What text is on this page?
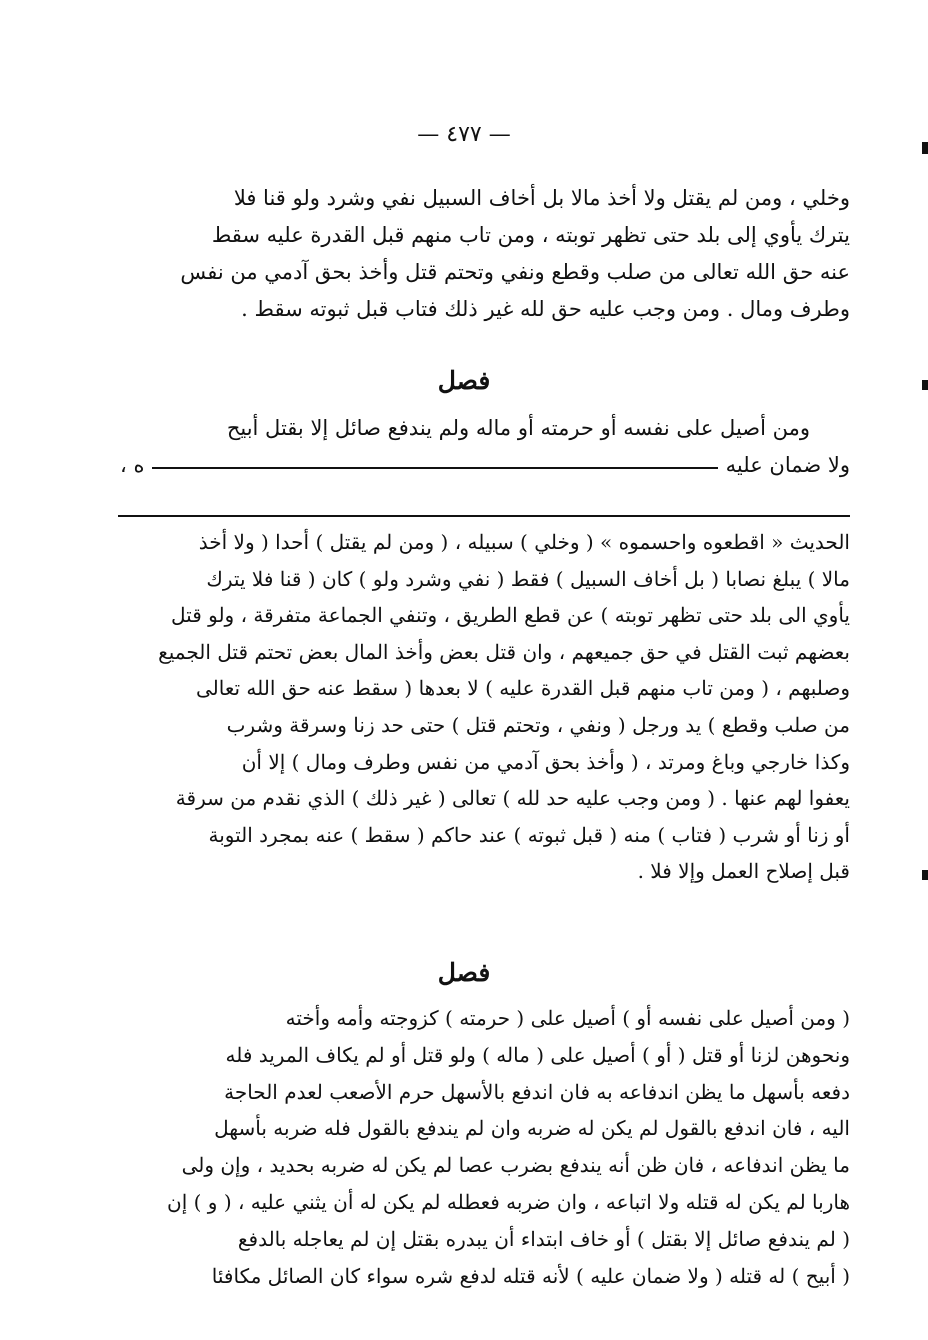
— ٤٧٧ —

وخلي ، ومن لم يقتل ولا أخذ مالا بل أخاف السبيل نفي وشرد ولو قنا فلا

يترك يأوي إلى بلد حتى تظهر توبته ، ومن تاب منهم قبل القدرة عليه سقط

عنه حق الله تعالى من صلب وقطع ونفي وتحتم قتل وأخذ بحق آدمي من نفس

وطرف ومال . ومن وجب عليه حق لله غير ذلك فتاب قبل ثبوته سقط .

فصل

ومن أصيل على نفسه أو حرمته أو ماله ولم يندفع صائل إلا بقتل أبيح

ولا ضمان عليه
ه ،

الحديث « اقطعوه واحسموه » ( وخلي ) سبيله ، ( ومن لم يقتل ) أحدا ( ولا أخذ

مالا ) يبلغ نصابا ( بل أخاف السبيل ) فقط ( نفي وشرد ولو ) كان ( قنا فلا يترك

يأوي الى بلد حتى تظهر توبته ) عن قطع الطريق ، وتنفي الجماعة متفرقة ، ولو قتل

بعضهم ثبت القتل في حق جميعهم ، وان قتل بعض وأخذ المال بعض تحتم قتل الجميع

وصلبهم ، ( ومن تاب منهم قبل القدرة عليه ) لا بعدها ( سقط عنه حق الله تعالى

من صلب وقطع ) يد ورجل ( ونفي ، وتحتم قتل ) حتى حد زنا وسرقة وشرب

وكذا خارجي وباغ ومرتد ، ( وأخذ بحق آدمي من نفس وطرف ومال ) إلا أن

يعفوا لهم عنها . ( ومن وجب عليه حد لله ) تعالى ( غير ذلك ) الذي نقدم من سرقة

أو زنا أو شرب ( فتاب ) منه ( قبل ثبوته ) عند حاكم ( سقط ) عنه بمجرد التوبة

قبل إصلاح العمل وإلا فلا .

فصل

( ومن أصيل على نفسه أو ) أصيل على ( حرمته ) كزوجته وأمه وأخته

ونحوهن لزنا أو قتل ( أو ) أصيل على ( ماله ) ولو قتل أو لم يكاف المريد فله

دفعه بأسهل ما يظن اندفاعه به فان اندفع بالأسهل حرم الأصعب لعدم الحاجة

اليه ، فان اندفع بالقول لم يكن له ضربه وان لم يندفع بالقول فله ضربه بأسهل

ما يظن اندفاعه ، فان ظن أنه يندفع بضرب عصا لم يكن له ضربه بحديد ، وإن ولى

هاربا لم يكن له قتله ولا اتباعه ، وان ضربه فعطله لم يكن له أن يثني عليه ، ( و ) إن

( لم يندفع صائل إلا بقتل ) أو خاف ابتداء أن يبدره بقتل إن لم يعاجله بالدفع

( أبيح ) له قتله ( ولا ضمان عليه ) لأنه قتله لدفع شره سواء كان الصائل مكافئا
